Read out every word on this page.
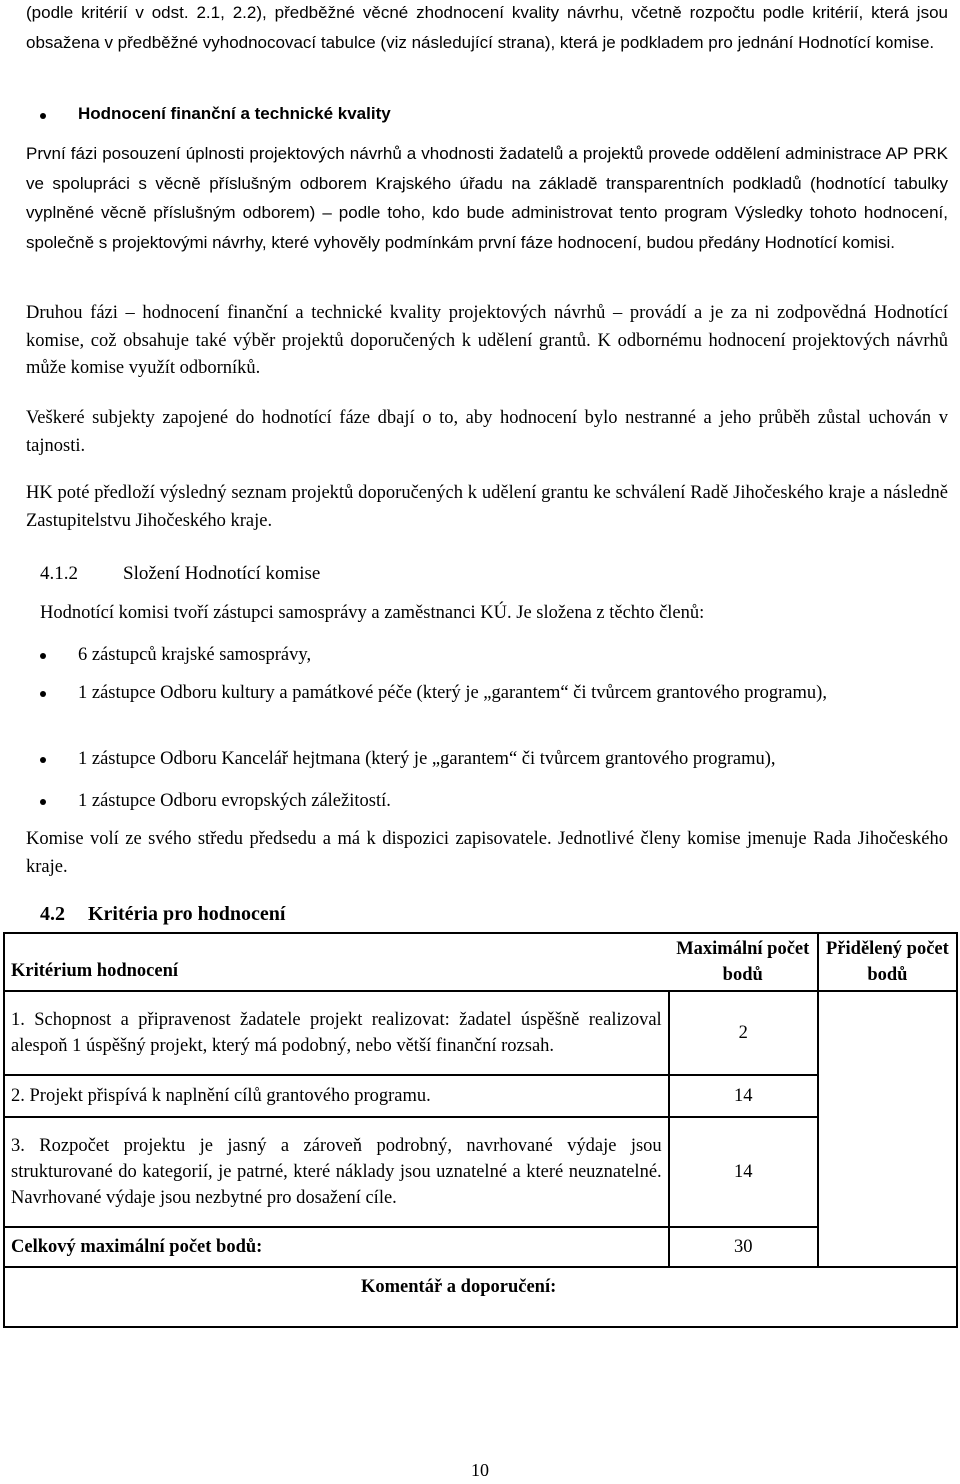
(podle kritérií v odst. 2.1, 2.2), předběžné věcné zhodnocení kvality návrhu, včetně rozpočtu podle kritérií, která jsou obsažena v předběžné vyhodnocovací tabulce (viz následující strana), která je podkladem pro jednání Hodnotící komise.

Hodnocení finanční a technické kvality

První fázi posouzení úplnosti projektových návrhů a vhodnosti žadatelů a projektů provede oddělení administrace AP PRK ve spolupráci s věcně příslušným odborem Krajského úřadu na základě transparentních podkladů (hodnotící tabulky vyplněné věcně příslušným odborem) – podle toho, kdo bude administrovat tento program Výsledky tohoto hodnocení, společně s projektovými návrhy, které vyhověly podmínkám první fáze hodnocení, budou předány Hodnotící komisi.

Druhou fázi – hodnocení finanční a technické kvality projektových návrhů – provádí a je za ni zodpovědná Hodnotící komise, což obsahuje také výběr projektů doporučených k udělení grantů. K odbornému hodnocení projektových návrhů může komise využít odborníků.

Veškeré subjekty zapojené do hodnotící fáze dbají o to, aby hodnocení bylo nestranné a jeho průběh zůstal uchován v tajnosti.

HK poté předloží výsledný seznam projektů doporučených k udělení grantu ke schválení Radě Jihočeského kraje a následně Zastupitelstvu Jihočeského kraje.

4.1.2 Složení Hodnotící komise

Hodnotící komisi tvoří zástupci samosprávy a zaměstnanci KÚ. Je složena z těchto členů:

6 zástupců krajské samosprávy,

1 zástupce Odboru kultury a památkové péče (který je „garantem“ či tvůrcem grantového programu),

1 zástupce Odboru Kancelář hejtmana (který je „garantem“ či tvůrcem grantového programu),

1 zástupce Odboru evropských záležitostí.

Komise volí ze svého středu předsedu a má k dispozici zapisovatele. Jednotlivé členy komise jmenuje Rada Jihočeského kraje.

4.2 Kritéria pro hodnocení
Kritérium hodnocení	Maximální počet bodů	Přidělený počet bodů
1. Schopnost a připravenost žadatele projekt realizovat: žadatel úspěšně realizoval alespoň 1 úspěšný projekt, který má podobný, nebo větší finanční rozsah.	2	
2. Projekt přispívá k naplnění cílů grantového programu.	14	
3. Rozpočet projektu je jasný a zároveň podrobný, navrhované výdaje jsou strukturované do kategorií, je patrné, které náklady jsou uznatelné a které neuznatelné. Navrhované výdaje jsou nezbytné pro dosažení cíle.	14	
Celkový maximální počet bodů:	30	
Komentář a doporučení:		
10
